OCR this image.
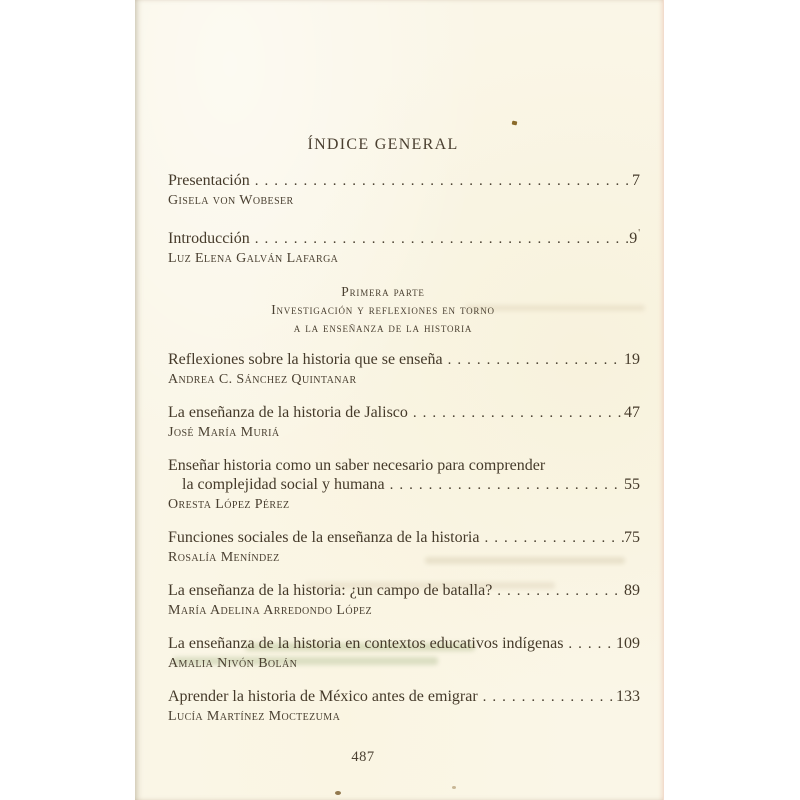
ÍNDICE GENERAL
Presentación .....	7
Gisela von Wobeser
Introducción .....	9'
Luz Elena Galván Lafarga
Primera parte
Investigación y reflexiones en torno
a la enseñanza de la historia
Reflexiones sobre la historia que se enseña .....	19
Andrea C. Sánchez Quintanar
La enseñanza de la historia de Jalisco .....	47
José María Muriá
Enseñar historia como un saber necesario para comprender
la complejidad social y humana .....	55
Oresta López Pérez
Funciones sociales de la enseñanza de la historia .....	75
Rosalía Meníndez
La enseñanza de la historia: ¿un campo de batalla? .....	89
María Adelina Arredondo López
La enseñanza de la historia en contextos educativos indígenas .....	109
Amalia Nivón Bolán
Aprender la historia de México antes de emigrar .....	133
Lucía Martínez Moctezuma
487
